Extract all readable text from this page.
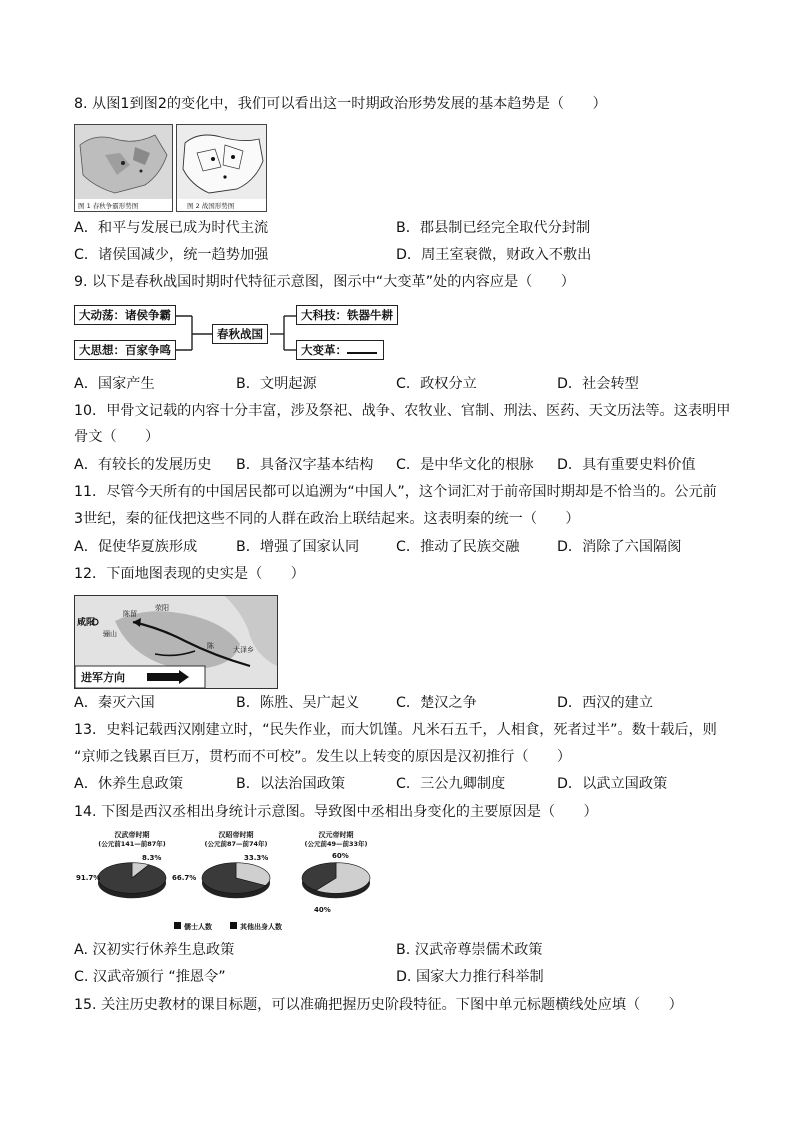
8. 从图1到图2的变化中，我们可以看出这一时期政治形势发展的基本趋势是（　　）
图 1 春秋争霸形势图	图 2 战国形势图
A．和平与发展已成为时代主流	B．郡县制已经完全取代分封制
C．诸侯国减少，统一趋势加强	D．周王室衰微，财政入不敷出
9. 以下是春秋战国时期时代特征示意图，图示中“大变革”处的内容应是（　　）
大动荡：诸侯争霸
大思想：百家争鸣
春秋战国
大科技：铁器牛耕
大变革：
A．国家产生	B．文明起源	C．政权分立	D．社会转型
10．甲骨文记载的内容十分丰富，涉及祭祀、战争、农牧业、官制、刑法、医药、天文历法等。这表明甲
骨文（　　）
A．有较长的发展历史 B．具备汉字基本结构 C．是中华文化的根脉 D．具有重要史料价值
11．尽管今天所有的中国居民都可以追溯为“中国人”，这个词汇对于前帝国时期却是不恰当的。公元前
3世纪，秦的征伐把这些不同的人群在政治上联结起来。这表明秦的统一（　　）
A．促使华夏族形成	B．增强了国家认同	C．推动了民族交融	D．消除了六国隔阂
12．下面地图表现的史实是（　　）
咸阳
骊山
陈留
荥阳
陈	大泽乡
进军方向
A．秦灭六国	B．陈胜、吴广起义	C．楚汉之争	D．西汉的建立
13．史料记载西汉刚建立时，“民失作业，而大饥馑。凡米石五千，人相食，死者过半”。数十载后，则
“京师之钱累百巨万，贯朽而不可校”。发生以上转变的原因是汉初推行（　　）
A．休养生息政策	B．以法治国政策	C．三公九卿制度	D．以武立国政策
14. 下图是西汉丞相出身统计示意图。导致图中丞相出身变化的主要原因是（　　）
汉武帝时期
(公元前141—前87年)
汉昭帝时期
(公元前87—前74年)
汉元帝时期
(公元前49—前33年)
8.3%
91.7%
33.3%
66.7%
60%
40%
儒士人数	其他出身人数
A. 汉初实行休养生息政策	B. 汉武帝尊崇儒术政策
C. 汉武帝颁行 “推恩令”	D. 国家大力推行科举制
15. 关注历史教材的课目标题，可以准确把握历史阶段特征。下图中单元标题横线处应填（　　）
